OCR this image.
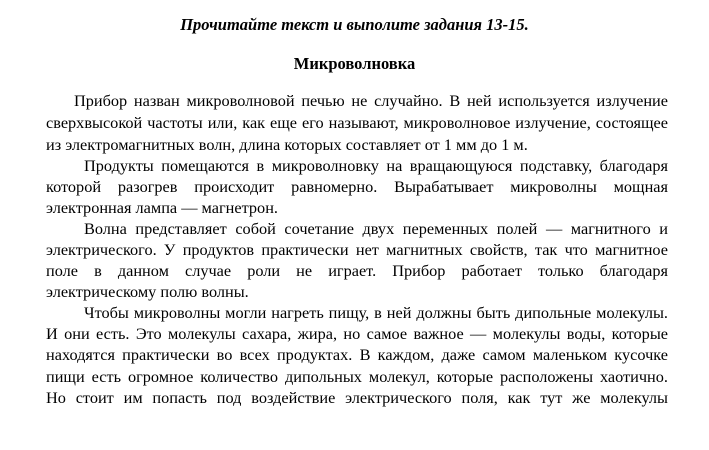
Прочитайте текст и выполите задания 13-15.
Микроволновка
Прибор назван микроволновой печью не случайно. В ней используется излучение
сверхвысокой частоты или, как еще его называют, микроволновое излучение, состоящее
из электромагнитных волн, длина которых составляет от 1 мм до 1 м.
Продукты помещаются в микроволновку на вращающуюся подставку, благодаря
которой разогрев происходит равномерно. Вырабатывает микроволны мощная
электронная лампа — магнетрон.
Волна представляет собой сочетание двух переменных полей — магнитного и
электрического. У продуктов практически нет магнитных свойств, так что магнитное
поле в данном случае роли не играет. Прибор работает только благодаря
электрическому полю волны.
Чтобы микроволны могли нагреть пищу, в ней должны быть дипольные молекулы.
И они есть. Это молекулы сахара, жира, но самое важное — молекулы воды, которые
находятся практически во всех продуктах. В каждом, даже самом маленьком кусочке
пищи есть огромное количество дипольных молекул, которые расположены хаотично.
Но стоит им попасть под воздействие электрического поля, как тут же молекулы
